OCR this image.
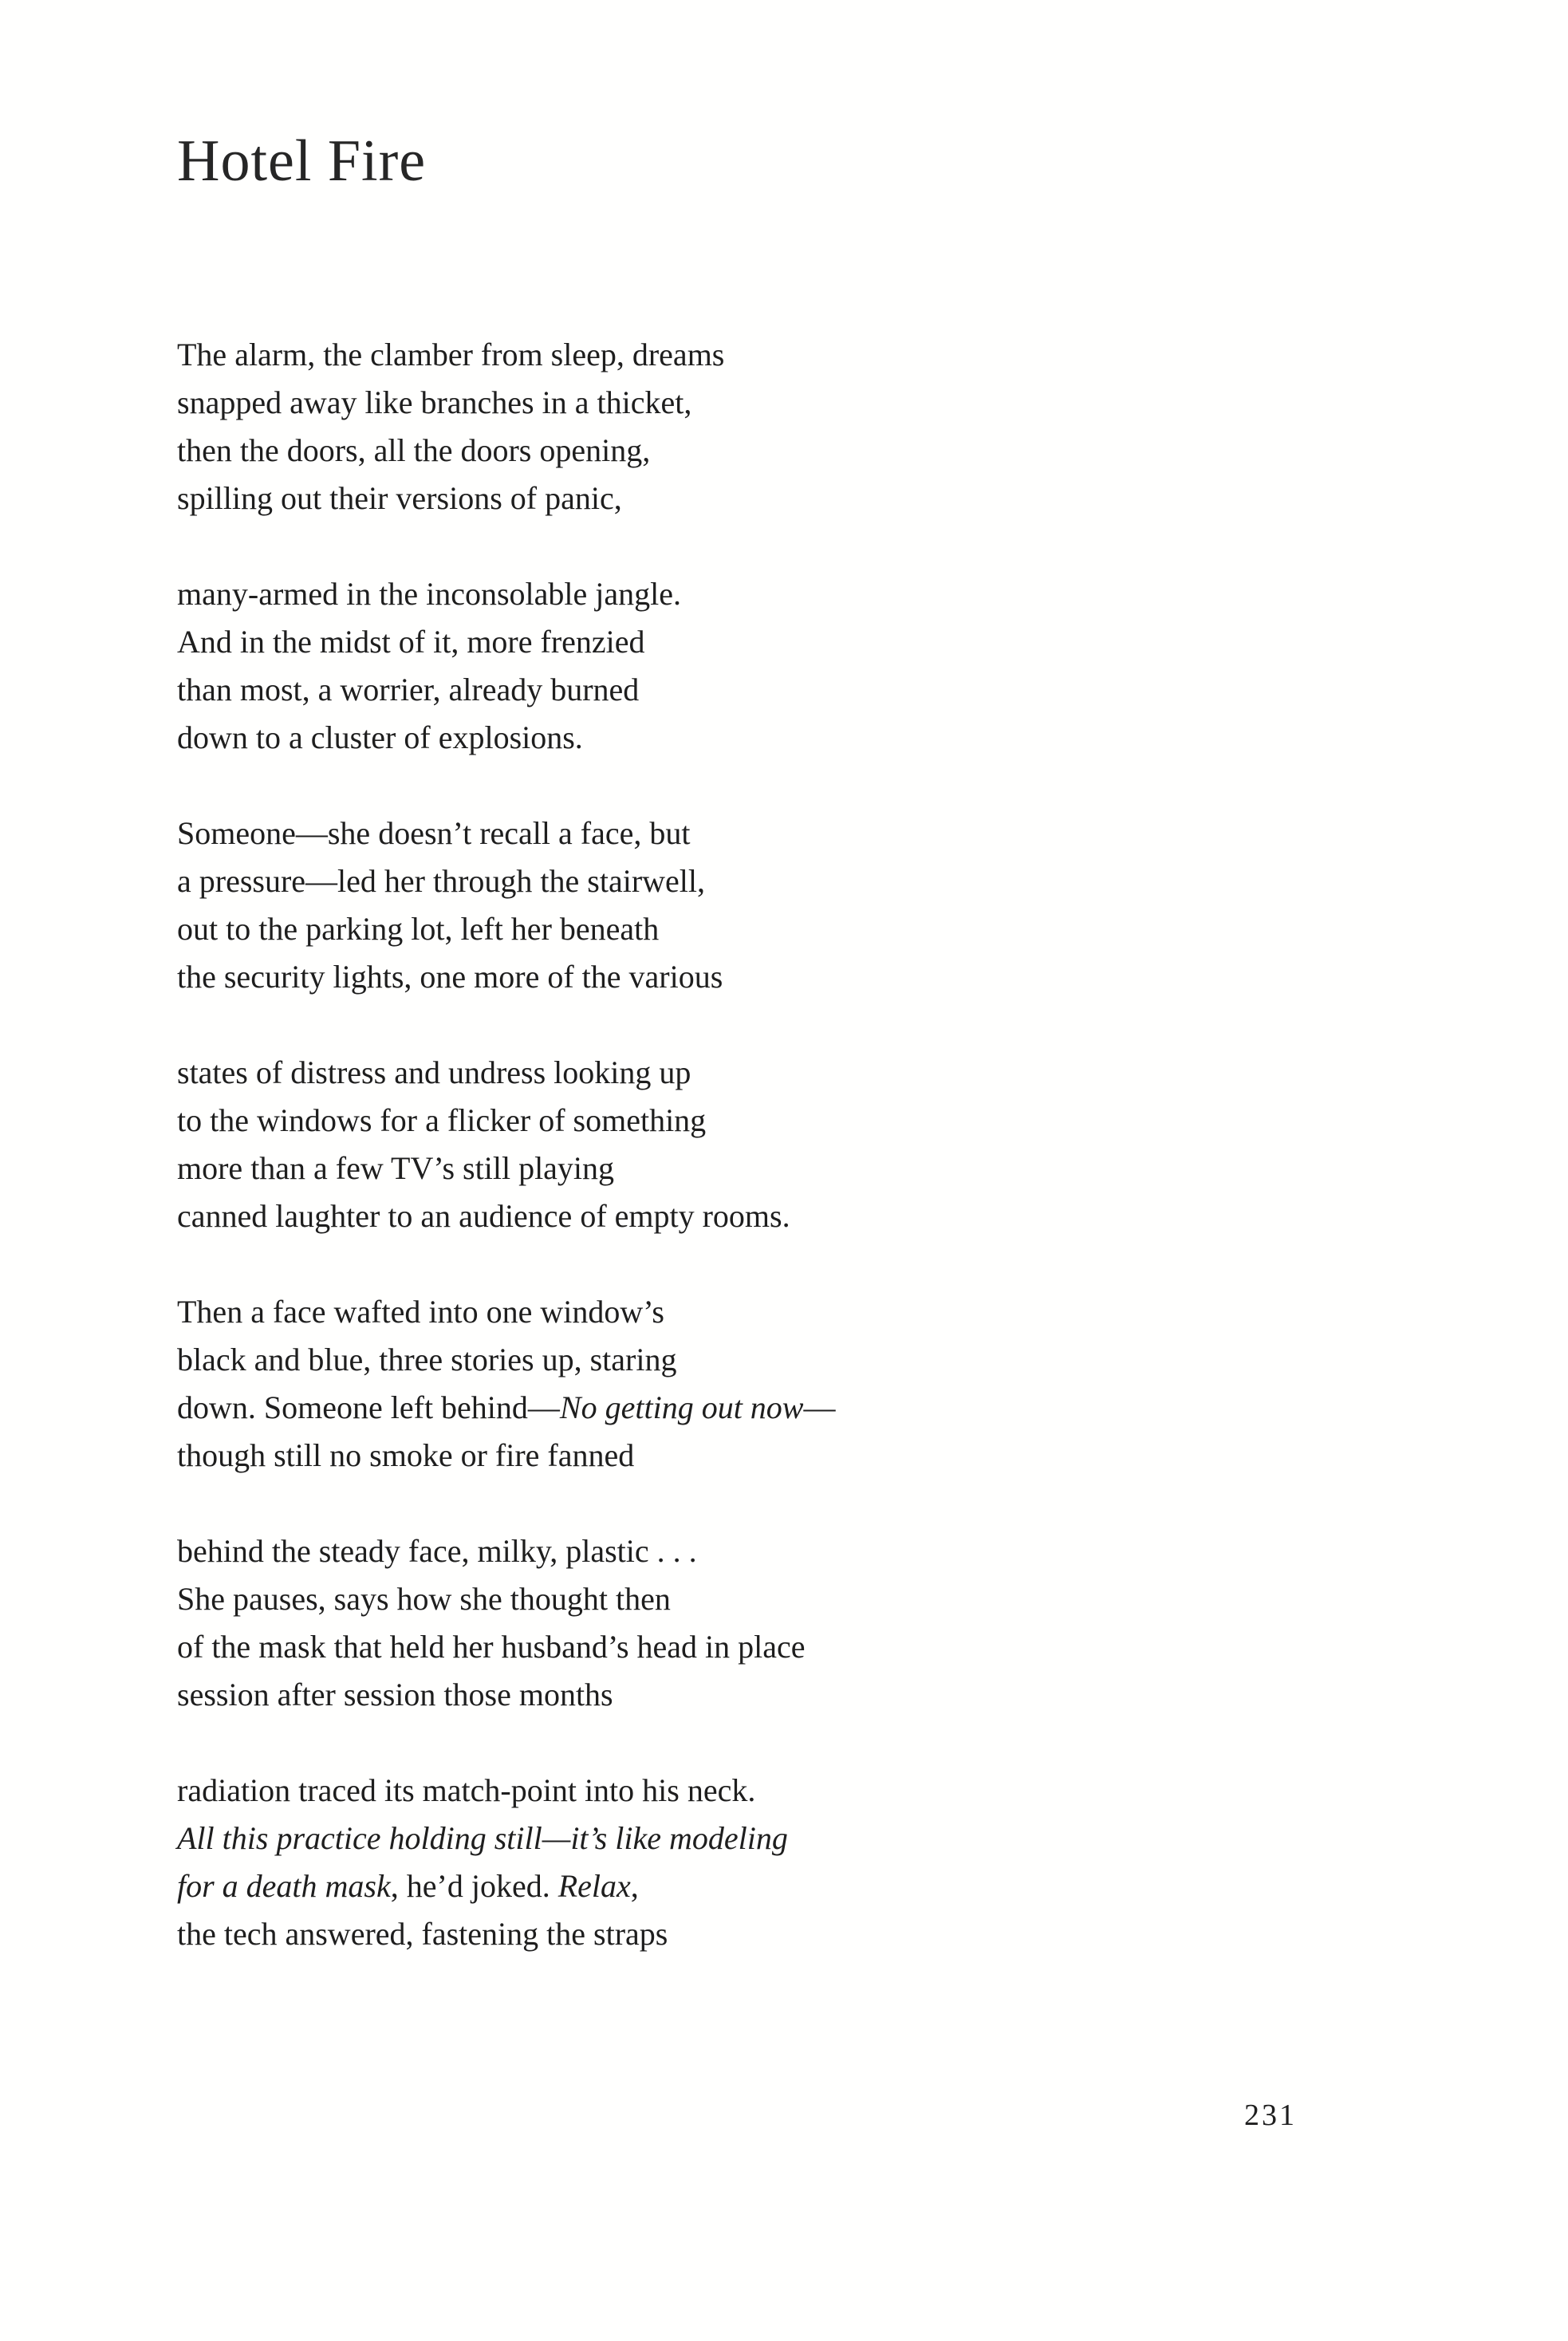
Hotel Fire
The alarm, the clamber from sleep, dreams
snapped away like branches in a thicket,
then the doors, all the doors opening,
spilling out their versions of panic,
many-armed in the inconsolable jangle.
And in the midst of it, more frenzied
than most, a worrier, already burned
down to a cluster of explosions.
Someone—she doesn’t recall a face, but
a pressure—led her through the stairwell,
out to the parking lot, left her beneath
the security lights, one more of the various
states of distress and undress looking up
to the windows for a flicker of something
more than a few TV’s still playing
canned laughter to an audience of empty rooms.
Then a face wafted into one window’s
black and blue, three stories up, staring
down. Someone left behind—No getting out now—
though still no smoke or fire fanned
behind the steady face, milky, plastic . . .
She pauses, says how she thought then
of the mask that held her husband’s head in place
session after session those months
radiation traced its match-point into his neck.
All this practice holding still—it’s like modeling
for a death mask, he’d joked. Relax,
the tech answered, fastening the straps
231
